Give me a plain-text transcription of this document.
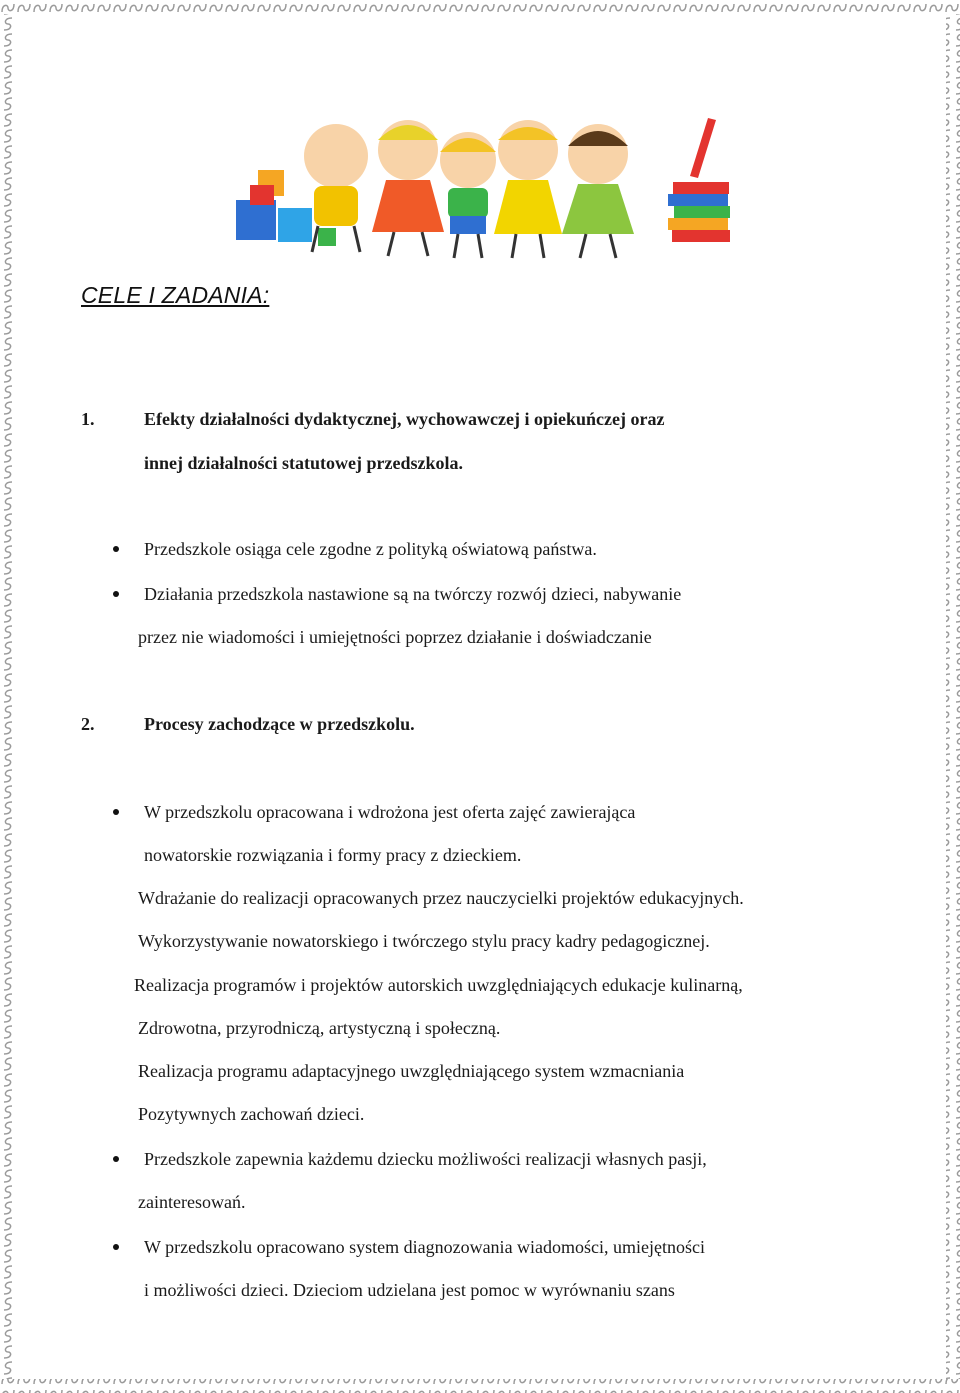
CELE I ZADANIA:
1.	Efekty działalności dydaktycznej, wychowawczej i opiekuńczej oraz
innej działalności statutowej przedszkola.
Przedszkole osiąga cele zgodne z polityką oświatową państwa.
Działania przedszkola nastawione są na twórczy rozwój dzieci, nabywanie
przez nie wiadomości i umiejętności poprzez działanie i doświadczanie
2.	Procesy zachodzące w przedszkolu.
W przedszkolu opracowana i wdrożona jest oferta zajęć zawierająca
nowatorskie rozwiązania i formy pracy z dzieckiem.
Wdrażanie do realizacji opracowanych przez nauczycielki projektów edukacyjnych.
Wykorzystywanie nowatorskiego i twórczego stylu pracy kadry pedagogicznej.
Realizacja programów i projektów autorskich uwzględniających edukacje kulinarną,
Zdrowotna, przyrodniczą, artystyczną i społeczną.
Realizacja programu adaptacyjnego uwzględniającego system wzmacniania
Pozytywnych zachowań dzieci.
Przedszkole zapewnia każdemu dziecku możliwości realizacji własnych pasji,
zainteresowań.
W przedszkolu opracowano system diagnozowania wiadomości, umiejętności
i możliwości dzieci. Dzieciom udzielana jest pomoc w wyrównaniu szans
